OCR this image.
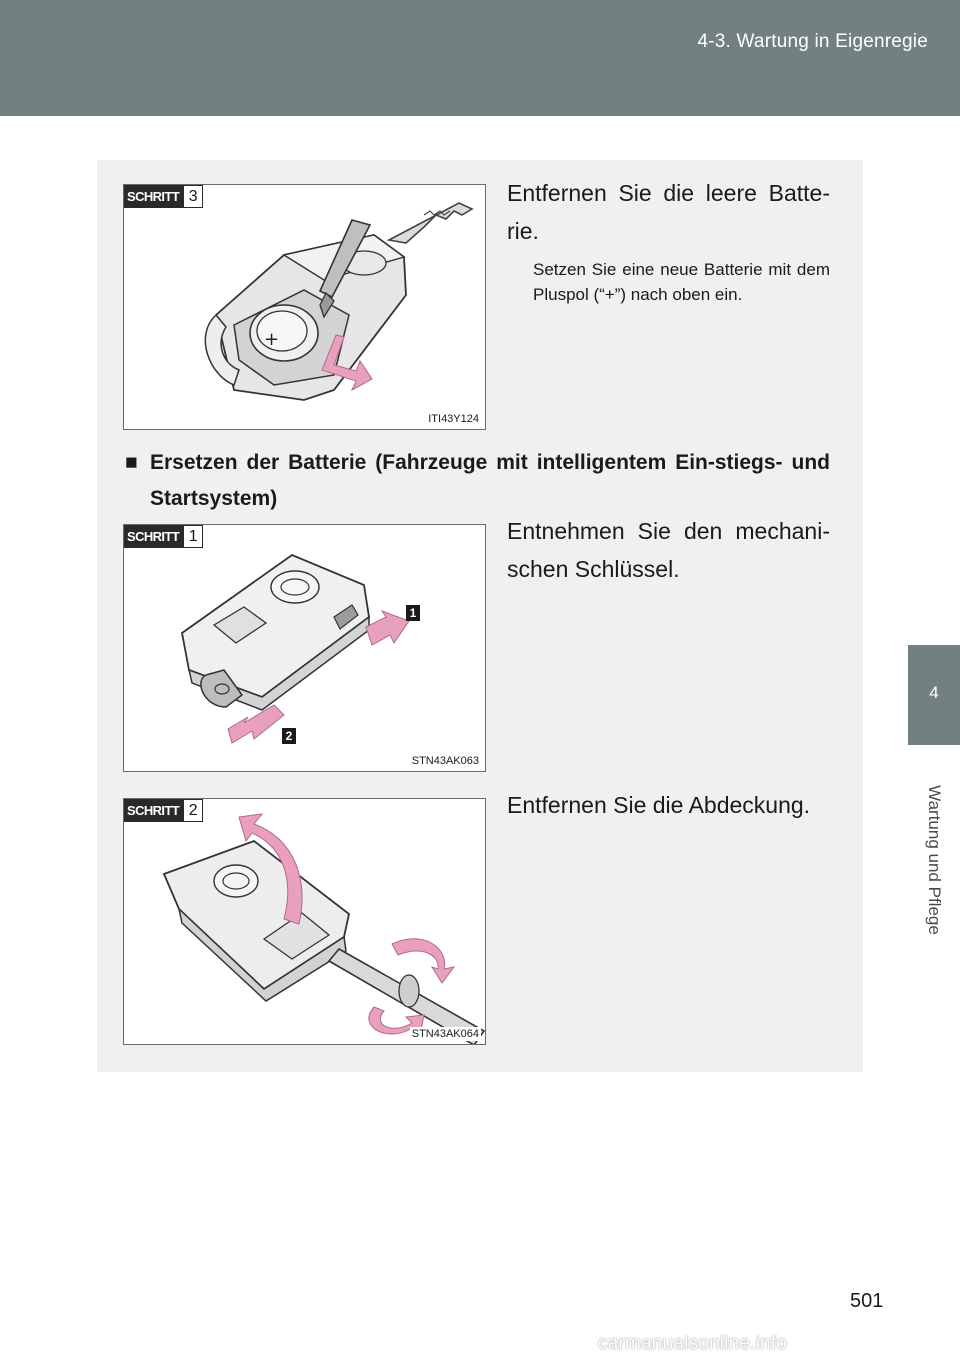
4-3. Wartung in Eigenregie
4
Wartung und Pflege
+
SCHRITT 3
ITI43Y124
Entfernen Sie die leere Batte-rie.
Setzen Sie eine neue Batterie mit dem Pluspol (“+”) nach oben ein.
■ Ersetzen der Batterie (Fahrzeuge mit intelligentem Ein-stiegs- und Startsystem)
1
2
SCHRITT 1
STN43AK063
Entnehmen Sie den mechani-schen Schlüssel.
SCHRITT 2
STN43AK064
Entfernen Sie die Abdeckung.
501
carmanualsonline.info
